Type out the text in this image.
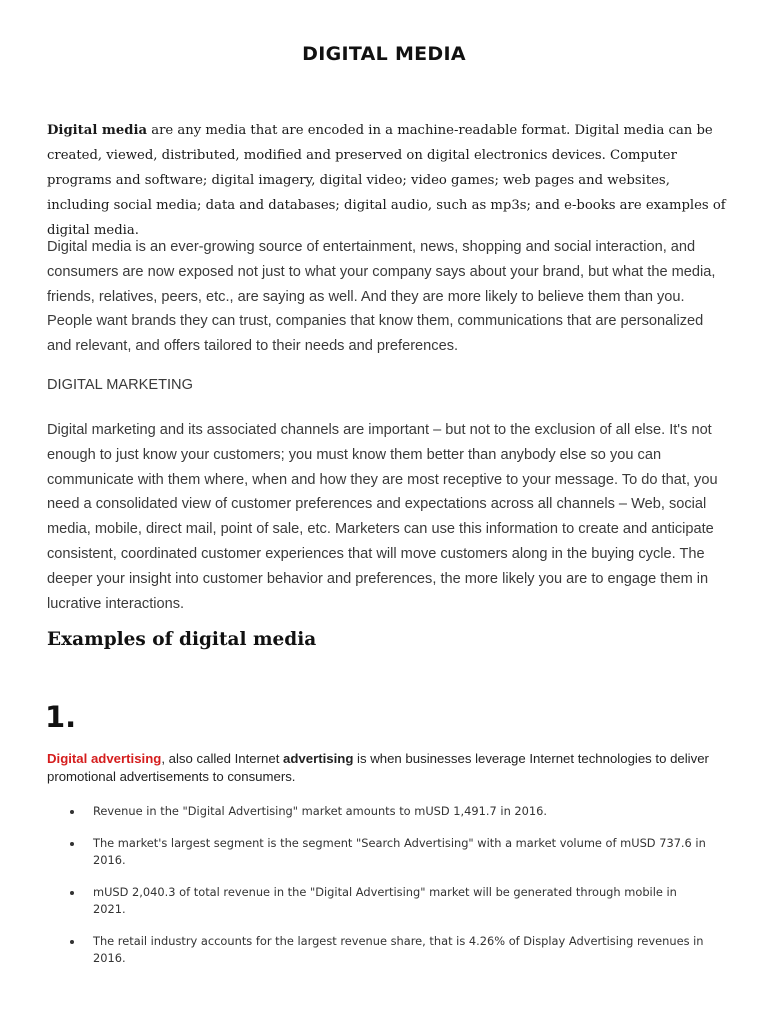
DIGITAL MEDIA

Digital media are any media that are encoded in a machine-readable format. Digital media can be created, viewed, distributed, modified and preserved on digital electronics devices. Computer programs and software; digital imagery, digital video; video games; web pages and websites, including social media; data and databases; digital audio, such as mp3s; and e-books are examples of digital media.

Digital media is an ever-growing source of entertainment, news, shopping and social interaction, and consumers are now exposed not just to what your company says about your brand, but what the media, friends, relatives, peers, etc., are saying as well. And they are more likely to believe them than you. People want brands they can trust, companies that know them, communications that are personalized and relevant, and offers tailored to their needs and preferences.

DIGITAL MARKETING

Digital marketing and its associated channels are important – but not to the exclusion of all else. It's not enough to just know your customers; you must know them better than anybody else so you can communicate with them where, when and how they are most receptive to your message. To do that, you need a consolidated view of customer preferences and expectations across all channels – Web, social media, mobile, direct mail, point of sale, etc. Marketers can use this information to create and anticipate consistent, coordinated customer experiences that will move customers along in the buying cycle. The deeper your insight into customer behavior and preferences, the more likely you are to engage them in lucrative interactions.

Examples of digital media
1.

Digital advertising, also called Internet advertising is when businesses leverage Internet technologies to deliver promotional advertisements to consumers.

Revenue in the "Digital Advertising" market amounts to mUSD 1,491.7 in 2016.
The market's largest segment is the segment "Search Advertising" with a market volume of mUSD 737.6 in 2016.
mUSD 2,040.3 of total revenue in the "Digital Advertising" market will be generated through mobile in 2021.
The retail industry accounts for the largest revenue share, that is 4.26% of Display Advertising revenues in 2016.
